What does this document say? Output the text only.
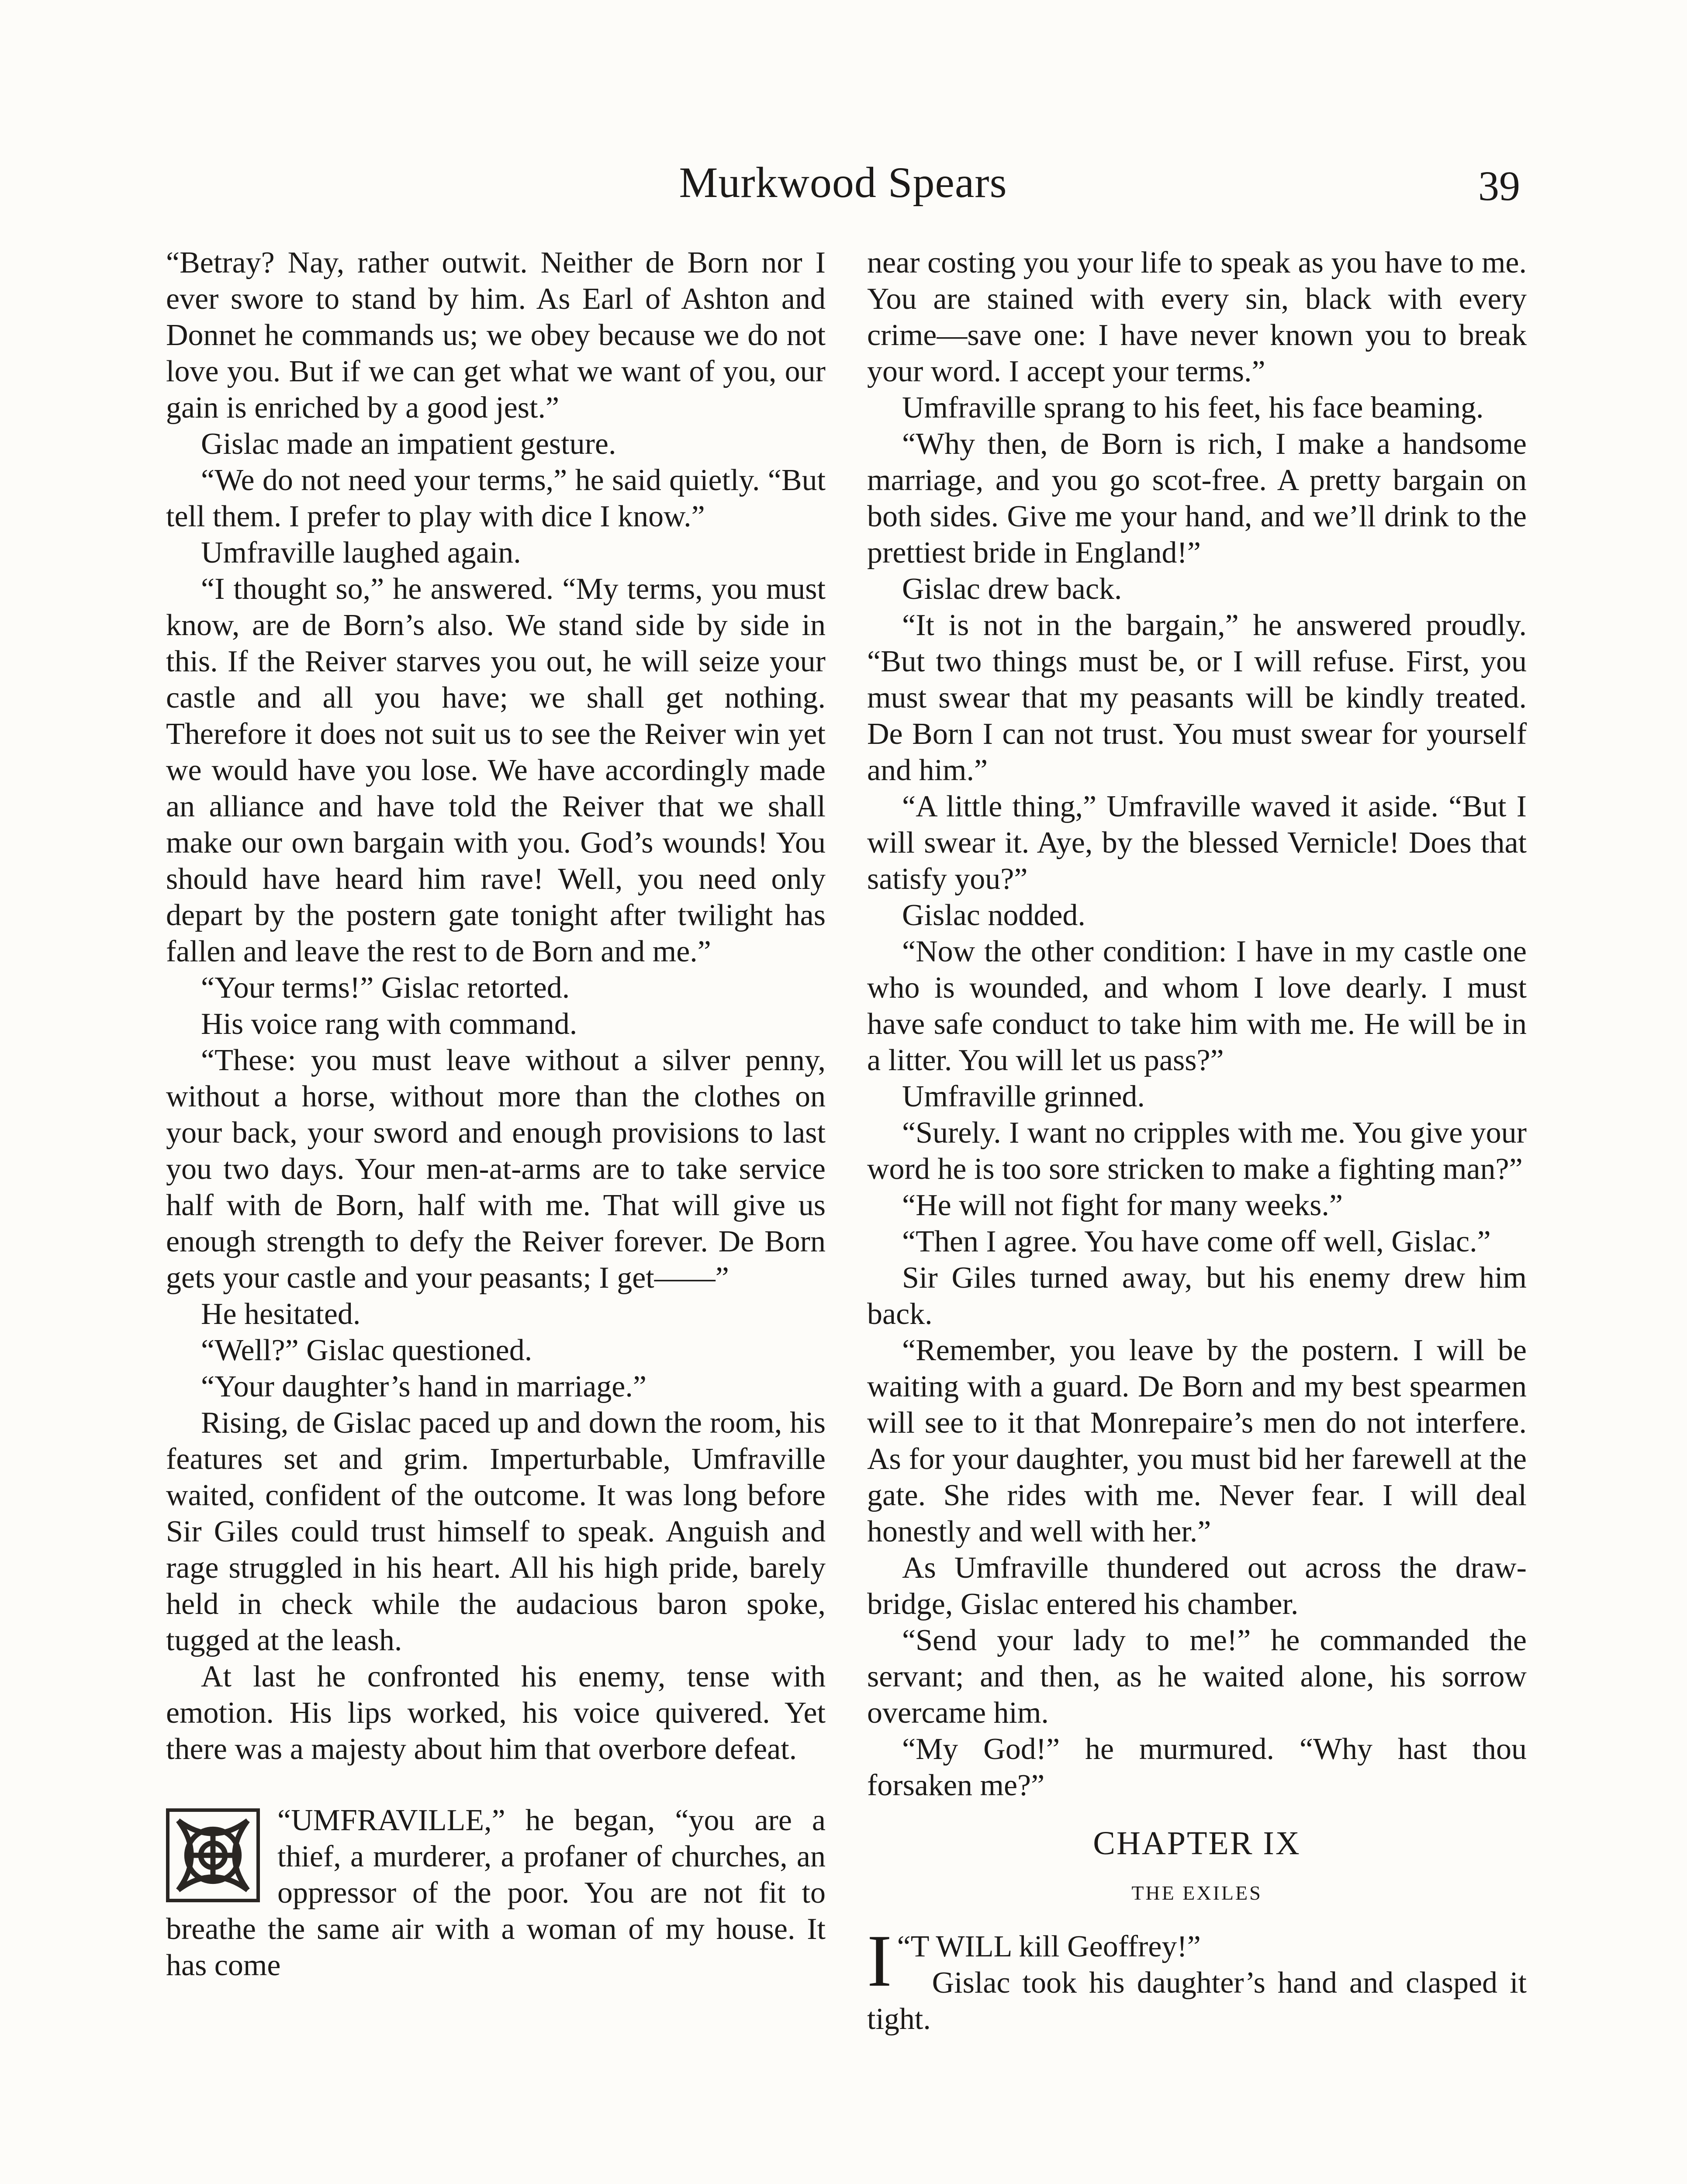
Murkwood Spears	39

“Betray? Nay, rather outwit. Neither de Born nor I ever swore to stand by him. As Earl of Ashton and Donnet he commands us; we obey because we do not love you. But if we can get what we want of you, our gain is enriched by a good jest.”

Gislac made an impatient gesture.

“We do not need your terms,” he said quietly. “But tell them. I prefer to play with dice I know.”

Umfraville laughed again.

“I thought so,” he answered. “My terms, you must know, are de Born’s also. We stand side by side in this. If the Reiver starves you out, he will seize your castle and all you have; we shall get nothing. Therefore it does not suit us to see the Reiver win yet we would have you lose. We have accordingly made an alliance and have told the Reiver that we shall make our own bargain with you. God’s wounds! You should have heard him rave! Well, you need only depart by the postern gate tonight after twilight has fallen and leave the rest to de Born and me.”

“Your terms!” Gislac retorted.

His voice rang with command.

“These: you must leave without a silver penny, without a horse, without more than the clothes on your back, your sword and enough provisions to last you two days. Your men-at-arms are to take service half with de Born, half with me. That will give us enough strength to defy the Reiver forever. De Born gets your castle and your peasants; I get——”

He hesitated.

“Well?” Gislac questioned.

“Your daughter’s hand in marriage.”

Rising, de Gislac paced up and down the room, his features set and grim. Imperturbable, Umfraville waited, confident of the outcome. It was long before Sir Giles could trust himself to speak. Anguish and rage struggled in his heart. All his high pride, barely held in check while the audacious baron spoke, tugged at the leash.

At last he confronted his enemy, tense with emotion. His lips worked, his voice quivered. Yet there was a majesty about him that overbore defeat.

“UMFRAVILLE,” he began, “you are a thief, a murderer, a profaner of churches, an oppressor of the poor. You are not fit to breathe the same air with a woman of my house. It has come

near costing you your life to speak as you have to me. You are stained with every sin, black with every crime—save one: I have never known you to break your word. I accept your terms.”

Umfraville sprang to his feet, his face beaming.

“Why then, de Born is rich, I make a handsome marriage, and you go scot-free. A pretty bargain on both sides. Give me your hand, and we’ll drink to the prettiest bride in England!”

Gislac drew back.

“It is not in the bargain,” he answered proudly. “But two things must be, or I will refuse. First, you must swear that my peasants will be kindly treated. De Born I can not trust. You must swear for yourself and him.”

“A little thing,” Umfraville waved it aside. “But I will swear it. Aye, by the blessed Vernicle! Does that satisfy you?”

Gislac nodded.

“Now the other condition: I have in my castle one who is wounded, and whom I love dearly. I must have safe conduct to take him with me. He will be in a litter. You will let us pass?”

Umfraville grinned.

“Surely. I want no cripples with me. You give your word he is too sore stricken to make a fighting man?”

“He will not fight for many weeks.”

“Then I agree. You have come off well, Gislac.”

Sir Giles turned away, but his enemy drew him back.

“Remember, you leave by the postern. I will be waiting with a guard. De Born and my best spearmen will see to it that Monrepaire’s men do not interfere. As for your daughter, you must bid her farewell at the gate. She rides with me. Never fear. I will deal honestly and well with her.”

As Umfraville thundered out across the draw-bridge, Gislac entered his chamber.

“Send your lady to me!” he commanded the servant; and then, as he waited alone, his sorrow overcame him.

“My God!” he murmured. “Why hast thou forsaken me?”

CHAPTER IX
THE EXILES

“
I T WILL kill Geoffrey!”

Gislac took his daughter’s hand and clasped it tight.
